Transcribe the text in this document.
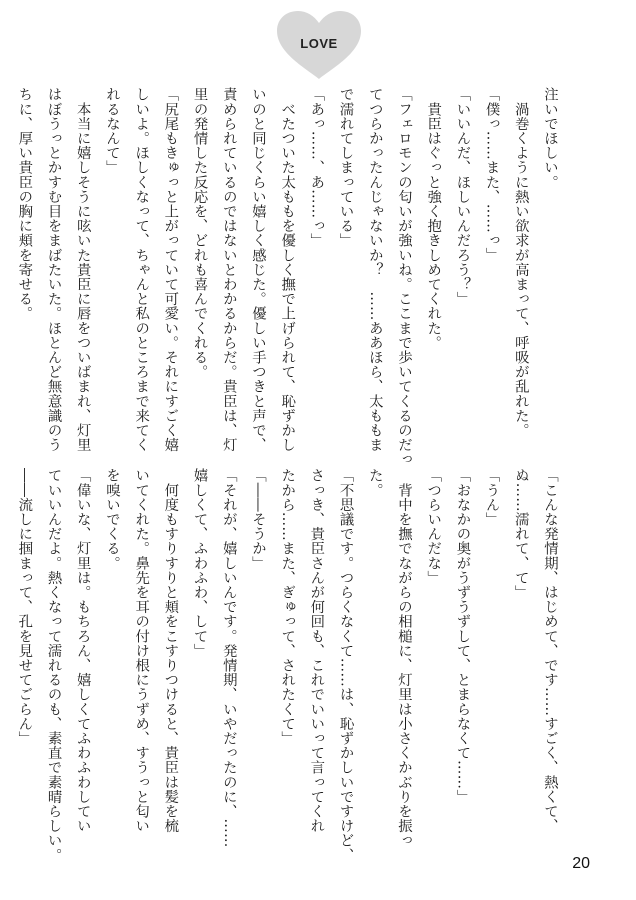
LOVE
注いでほしい。
　渦巻くように熱い欲求が高まって、呼吸が乱れた。
「僕っ……また、……っ」
「いいんだ、ほしいんだろう？」
　貴臣はぐっと強く抱きしめてくれた。
「フェロモンの匂いが強いね。ここまで歩いてくるのだっ
てつらかったんじゃないか？　……ああほら、太ももま
で濡れてしまっている」
「あっ……、あ……っ」
　べたついた太ももを優しく撫で上げられて、恥ずかし
いのと同じくらい嬉しく感じた。優しい手つきと声で、
責められているのではないとわかるからだ。貴臣は、灯
里の発情した反応を、どれも喜んでくれる。
「尻尾もきゅっと上がっていて可愛い。それにすごく嬉
しいよ。ほしくなって、ちゃんと私のところまで来てく
れるなんて」
　本当に嬉しそうに呟いた貴臣に唇をついばまれ、灯里
はぼうっとかすむ目をまばたいた。ほとんど無意識のう
ちに、厚い貴臣の胸に頬を寄せる。
「こんな発情期、はじめて、です……すごく、熱くて、
ぬ……濡れて、て」
「うん」
「おなかの奥がうずうずして、とまらなくて……」
「つらいんだな」
　背中を撫でながらの相槌に、灯里は小さくかぶりを振っ
た。
「不思議です。つらくなくて……は、恥ずかしいですけど、
さっき、貴臣さんが何回も、これでいいって言ってくれ
たから……また、ぎゅって、されたくて」
「――そうか」
「それが、嬉しいんです。発情期、いやだったのに、……
嬉しくて、ふわふわ、して」
　何度もすりすりと頬をこすりつけると、貴臣は髪を梳
いてくれた。鼻先を耳の付け根にうずめ、すうっと匂い
を嗅いでくる。
「偉いな、灯里は。もちろん、嬉しくてふわふわしてい
ていいんだよ。熱くなって濡れるのも、素直で素晴らしい。
――流しに掴まって、孔を見せてごらん」
20
